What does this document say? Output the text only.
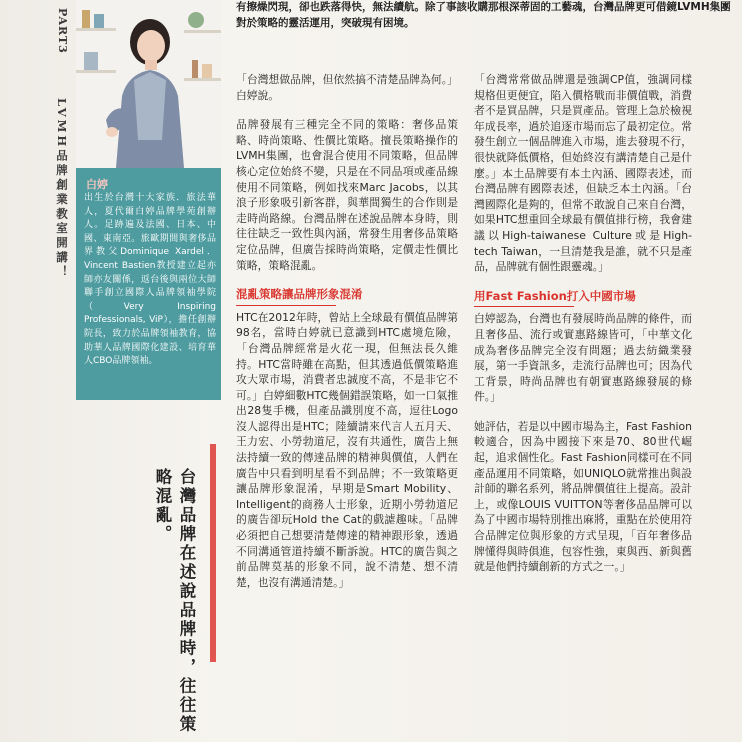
PART3
LVMH品牌創業教室開講！ 白婷
出生於台灣十大家族．旅法華人，夏代爾白婷品牌學苑創辦人。足跡遍及法國、日本、中國、東南亞。旅歐期間與奢侈品界教父Dominique Xardel．Vincent Bastien教授建立起亦師亦友關係，返台後與兩位大師聯手創立國際人品牌領袖學院（Very Inspiring Professionals, ViP），擔任創辦院長，致力於品牌領袖教育，協助華人品牌國際化建設、培育華人CBO品牌領袖。
台灣品牌在述說品牌時，往往策略混亂。
有擦燥閃現，卻也跌落得快，無法續航。除了事該收購那根深蒂固的工藝魂，台灣品牌更可借鏡LVMH集團對於策略的靈活運用，突破現有困境。

「台灣想做品牌，但依然搞不清楚品牌為何。」白婷說。

品牌發展有三種完全不同的策略：奢侈品策略、時尚策略、性價比策略。擅長策略操作的LVMH集團，也會混合使用不同策略，但品牌核心定位始終不變，只是在不同品項或產品線使用不同策略，例如找來Marc Jacobs，以其浪子形象吸引新客群，與華間獨生的合作則是走時尚路線。台灣品牌在述說品牌本身時，則往往缺乏一致性與內涵，常發生用奢侈品策略定位品牌，但廣告採時尚策略，定價走性價比策略，策略混亂。

混亂策略讓品牌形象混淆

HTC在2012年時，曾站上全球最有價值品牌第98名，當時白婷就已意識到HTC處境危險，「台灣品牌經常是火花一現，但無法長久維持。HTC當時雖在高點，但其透過低價策略進攻大眾市場，消費者忠誠度不高，不是非它不可。」白婷細數HTC幾個錯誤策略，如一口氣推出28隻手機，但產品識別度不高，逗往Logo沒人認得出是HTC；陸續請來代言人五月天、王力宏、小勞勃道尼，沒有共通性，廣告上無法持續一致的傳達品牌的精神與價值，人們在廣告中只看到明星看不到品牌；不一致策略更讓品牌形象混淆，早期是Smart Mobility、Intelligent的商務人士形象，近期小勞勃道尼的廣告卻玩Hold the Cat的戲謔趣味。「品牌必須把自己想要清楚傳達的精神跟形象，透過不同溝通管道持續不斷訴說。HTC的廣告與之前品牌莫基的形象不同，說不清楚、想不清楚，也沒有溝通清楚。」

「台灣常常做品牌還是強調CP值，強調同樣規格但更便宜，陷入價格戰而非價值戰，消費者不是買品牌，只是買產品。管理上急於檢視年成長率，過於追逐市場而忘了最初定位。常發生創立一個品牌進入市場，進去發現不行，很快就降低價格，但始終沒有講清楚自己是什麼。」本土品牌要有本土內涵、國際表述，而台灣品牌有國際表述，但缺乏本土內涵。「台灣國際化是夠的，但常不敢說自己來自台灣，如果HTC想重回全球最有價值排行榜，我會建議以High-taiwanese Culture或是High-tech Taiwan，一旦清楚我是誰，就不只是產品，品牌就有個性跟靈魂。」

用Fast Fashion打入中國市場

白婷認為，台灣也有發展時尚品牌的條件，而且奢侈品、流行或實惠路線皆可，「中華文化成為奢侈品牌完全沒有問題；過去紡織業發展，第一手資訊多，走流行品牌也可；因為代工背景，時尚品牌也有朝實惠路線發展的條件。」

她評估，若是以中國市場為主，Fast Fashion較適合，因為中國接下來是70、80世代崛起，追求個性化。Fast Fashion同樣可在不同產品運用不同策略，如UNIQLO就常推出與設計師的聯名系列，將品牌價值往上提高。設計上，或像LOUIS VUITTON等奢侈品品牌可以為了中國市場特別推出麻將，重點在於使用符合品牌定位與形象的方式呈現，「百年奢侈品牌懂得與時俱進，包容性強，東與西、新與舊就是他們持續創新的方式之一。」
